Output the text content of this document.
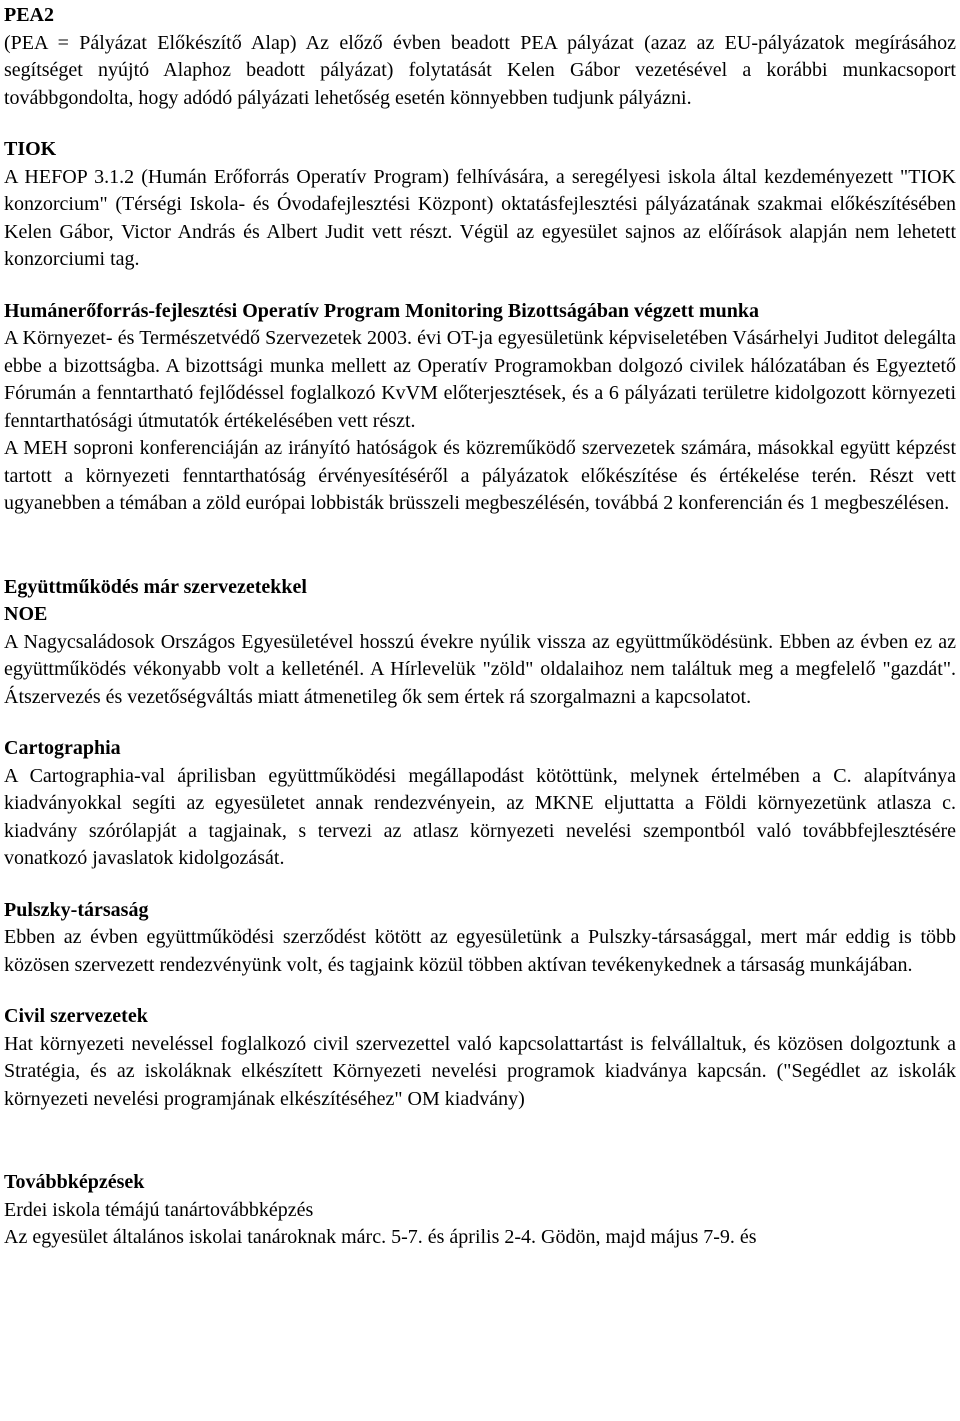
PEA2

(PEA = Pályázat Előkészítő Alap) Az előző évben beadott PEA pályázat (azaz az EU-pályázatok megírásához segítséget nyújtó Alaphoz beadott pályázat) folytatását Kelen Gábor vezetésével a korábbi munkacsoport továbbgondolta, hogy adódó pályázati lehetőség esetén könnyebben tudjunk pályázni.

TIOK

A HEFOP 3.1.2 (Humán Erőforrás Operatív Program) felhívására, a seregélyesi iskola által kezdeményezett "TIOK konzorcium" (Térségi Iskola- és Óvodafejlesztési Központ) oktatásfejlesztési pályázatának szakmai előkészítésében Kelen Gábor, Victor András és Albert Judit vett részt. Végül az egyesület sajnos az előírások alapján nem lehetett konzorciumi tag.

Humánerőforrás-fejlesztési Operatív Program Monitoring Bizottságában végzett munka

A Környezet- és Természetvédő Szervezetek 2003. évi OT-ja egyesületünk képviseletében Vásárhelyi Juditot delegálta ebbe a bizottságba. A bizottsági munka mellett az Operatív Programokban dolgozó civilek hálózatában és Egyeztető Fórumán a fenntartható fejlődéssel foglalkozó KvVM előterjesztések, és a 6 pályázati területre kidolgozott környezeti fenntarthatósági útmutatók értékelésében vett részt.

A MEH soproni konferenciáján az irányító hatóságok és közreműködő szervezetek számára, másokkal együtt képzést tartott a környezeti fenntarthatóság érvényesítéséről a pályázatok előkészítése és értékelése terén. Részt vett ugyanebben a témában a zöld európai lobbisták brüsszeli megbeszélésén, továbbá 2 konferencián és 1 megbeszélésen.

Együttműködés már szervezetekkel

NOE

A Nagycsaládosok Országos Egyesületével hosszú évekre nyúlik vissza az együttműködésünk. Ebben az évben ez az együttműködés vékonyabb volt a kelleténél. A Hírlevelük "zöld" oldalaihoz nem találtuk meg a megfelelő "gazdát". Átszervezés és vezetőségváltás miatt átmenetileg ők sem értek rá szorgalmazni a kapcsolatot.

Cartographia

A Cartographia-val áprilisban együttműködési megállapodást kötöttünk, melynek értelmében a C. alapítványa kiadványokkal segíti az egyesületet annak rendezvényein, az MKNE eljuttatta a Földi környezetünk atlasza c. kiadvány szórólapját a tagjainak, s tervezi az atlasz környezeti nevelési szempontból való továbbfejlesztésére vonatkozó javaslatok kidolgozását.

Pulszky-társaság

Ebben az évben együttműködési szerződést kötött az egyesületünk a Pulszky-társasággal, mert már eddig is több közösen szervezett rendezvényünk volt, és tagjaink közül többen aktívan tevékenykednek a társaság munkájában.

Civil szervezetek

Hat környezeti neveléssel foglalkozó civil szervezettel való kapcsolattartást is felvállaltuk, és közösen dolgoztunk a Stratégia, és az iskoláknak elkészített Környezeti nevelési programok kiadványa kapcsán. ("Segédlet az iskolák környezeti nevelési programjának elkészítéséhez" OM kiadvány)

Továbbképzések

Erdei iskola témájú tanártovábbképzés

Az egyesület általános iskolai tanároknak márc. 5-7. és április 2-4. Gödön, majd május 7-9. és
